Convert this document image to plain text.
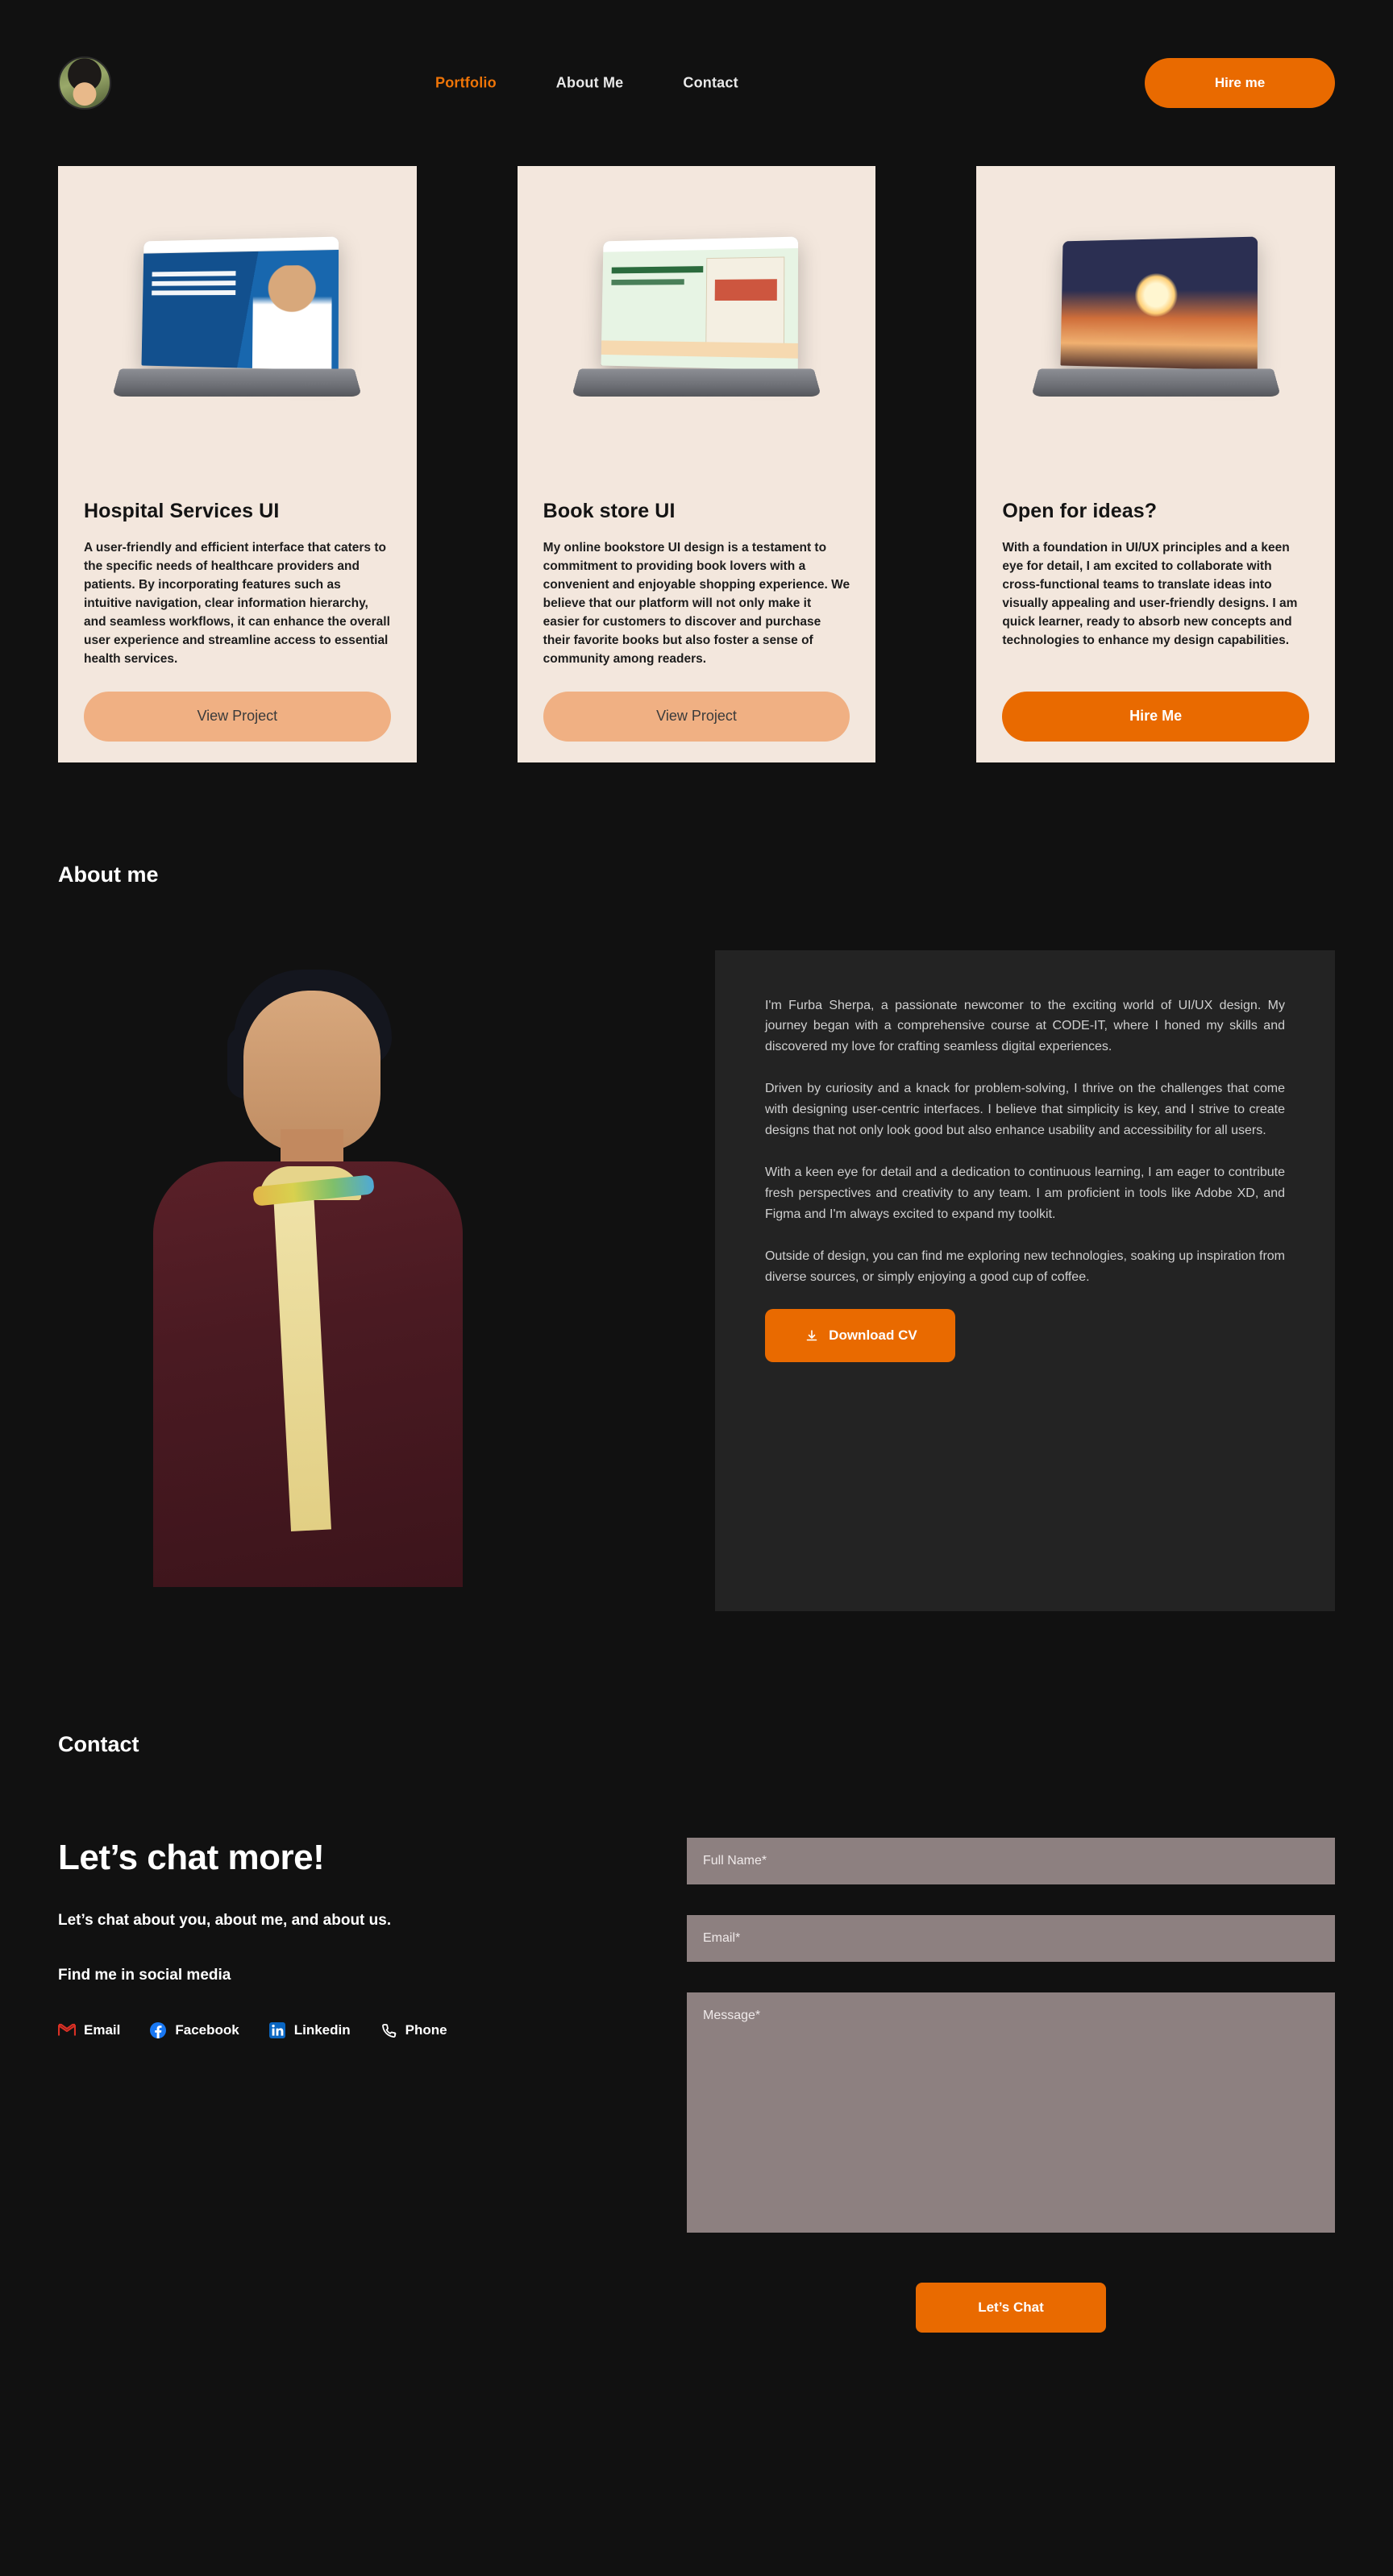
Portfolio	About Me	Contact	Hire me
Hospital Services UI

A user-friendly and efficient interface that caters to the specific needs of healthcare providers and patients. By incorporating features such as intuitive navigation, clear information hierarchy, and seamless workflows, it can enhance the overall user experience and streamline access to essential health services.

View Project
Book store UI

My online bookstore UI design is a testament to commitment to providing book lovers with a convenient and enjoyable shopping experience. We believe that our platform will not only make it easier for customers to discover and purchase their favorite books but also foster a sense of community among readers.

View Project
Open for ideas?

With a foundation in UI/UX principles and a keen eye for detail, I am excited to collaborate with cross-functional teams to translate ideas into visually appealing and user-friendly designs. I am quick learner, ready to absorb new concepts and technologies to enhance my design capabilities.

Hire Me
About me

I'm Furba Sherpa, a passionate newcomer to the exciting world of UI/UX design. My journey began with a comprehensive course at CODE-IT, where I honed my skills and discovered my love for crafting seamless digital experiences.

Driven by curiosity and a knack for problem-solving, I thrive on the challenges that come with designing user-centric interfaces. I believe that simplicity is key, and I strive to create designs that not only look good but also enhance usability and accessibility for all users.

With a keen eye for detail and a dedication to continuous learning, I am eager to contribute fresh perspectives and creativity to any team. I am proficient in tools like Adobe XD, and Figma and I'm always excited to expand my toolkit.

Outside of design, you can find me exploring new technologies, soaking up inspiration from diverse sources, or simply enjoying a good cup of coffee.

Download CV
Contact
Let’s chat more!
Let’s chat about you, about me, and about us.
Find me in social media
Email	Facebook	Linkedin	Phone
Full Name*
Email*
Message*
Let’s Chat
